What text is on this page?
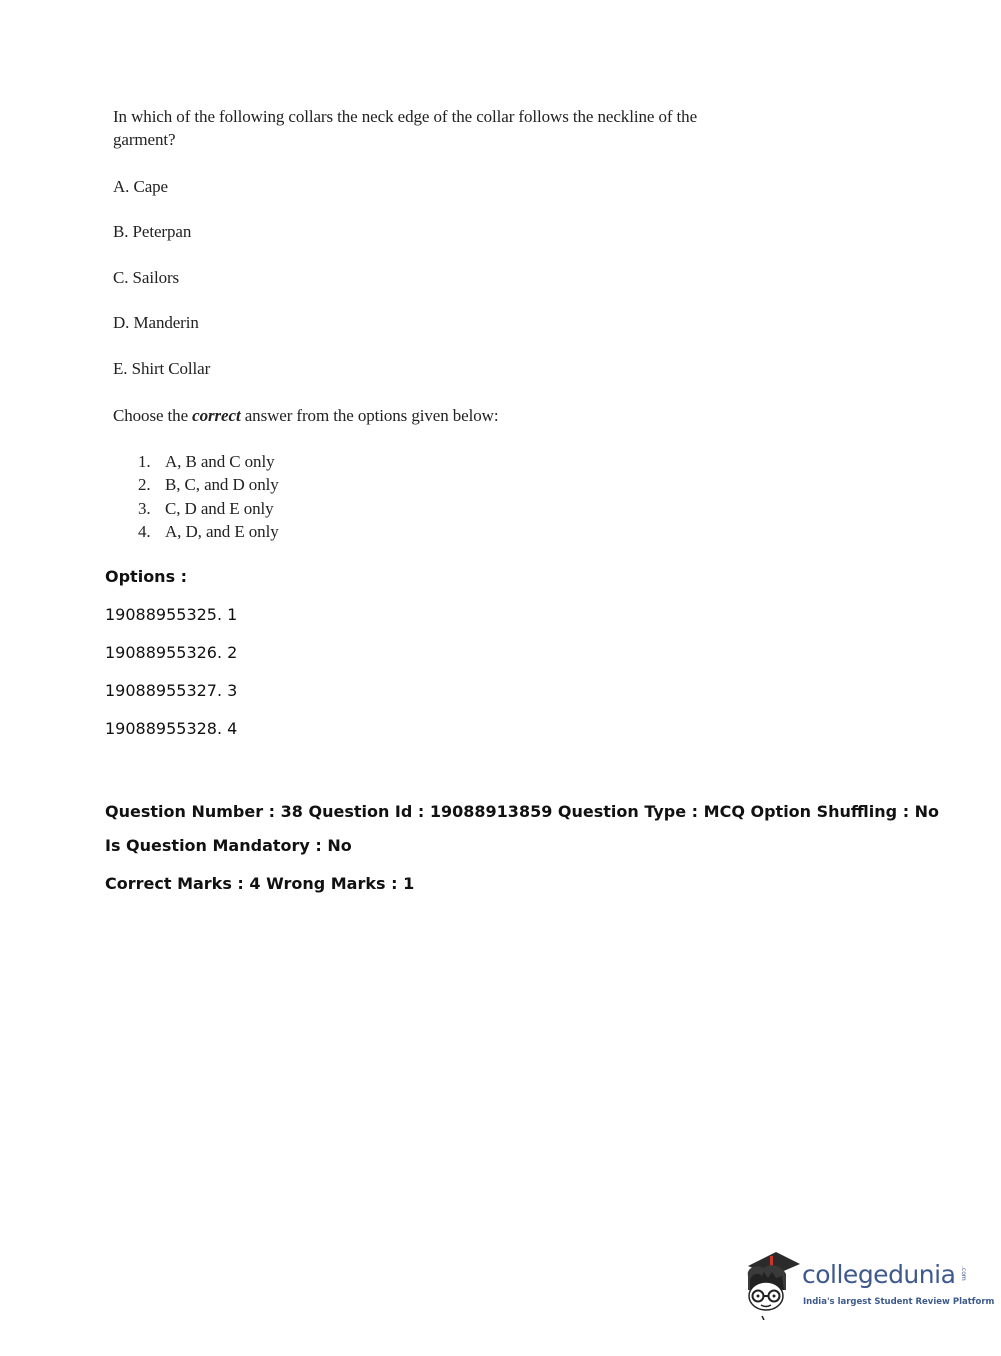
In which of the following collars the neck edge of the collar follows the neckline of the garment?

A. Cape

B. Peterpan

C. Sailors

D. Manderin

E. Shirt Collar

Choose the correct answer from the options given below:

1. A, B and C only
2. B, C, and D only
3. C, D and E only
4. A, D, and E only
Options :
19088955325. 1
19088955326. 2
19088955327. 3
19088955328. 4
Question Number : 38 Question Id : 19088913859 Question Type : MCQ Option Shuffling : No
Is Question Mandatory : No
Correct Marks : 4 Wrong Marks : 1
collegedunia .com
India's largest Student Review Platform
